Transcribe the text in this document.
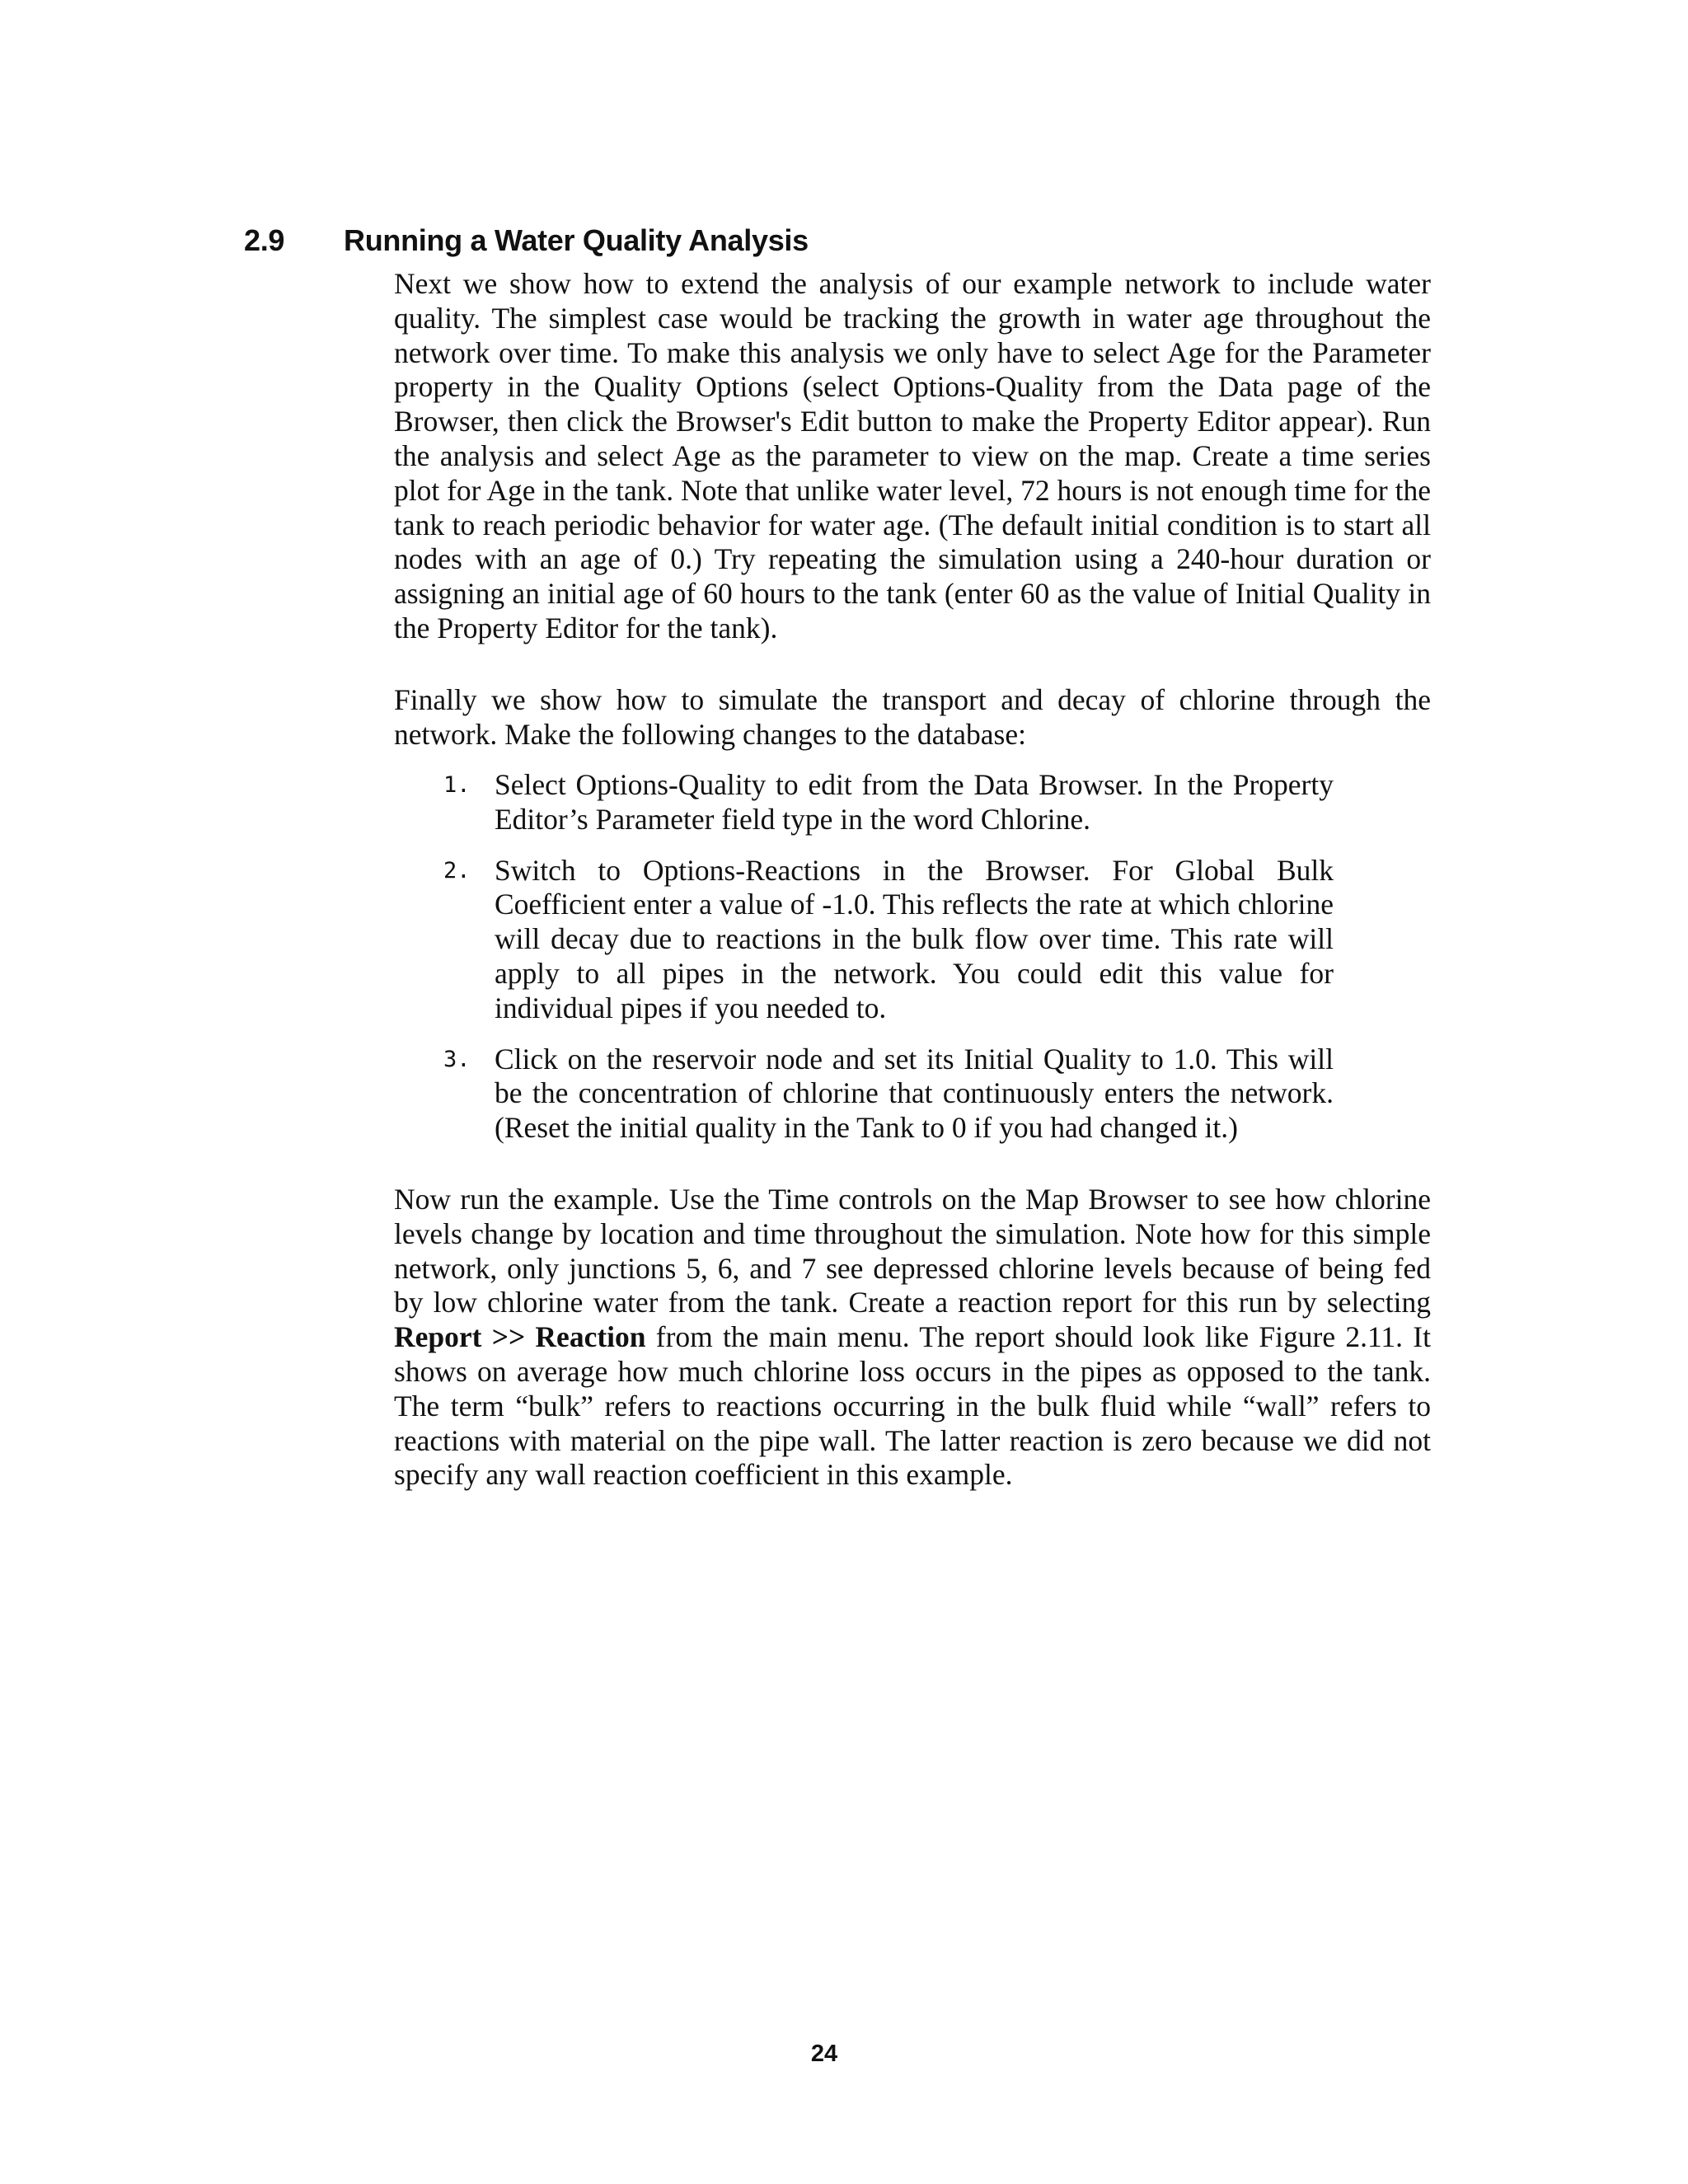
2.9 Running a Water Quality Analysis

Next we show how to extend the analysis of our example network to include water quality. The simplest case would be tracking the growth in water age throughout the network over time. To make this analysis we only have to select Age for the Parameter property in the Quality Options (select Options-Quality from the Data page of the Browser, then click the Browser's Edit button to make the Property Editor appear). Run the analysis and select Age as the parameter to view on the map. Create a time series plot for Age in the tank. Note that unlike water level, 72 hours is not enough time for the tank to reach periodic behavior for water age. (The default initial condition is to start all nodes with an age of 0.) Try repeating the simulation using a 240-hour duration or assigning an initial age of 60 hours to the tank (enter 60 as the value of Initial Quality in the Property Editor for the tank).

Finally we show how to simulate the transport and decay of chlorine through the network. Make the following changes to the database:

1. Select Options-Quality to edit from the Data Browser. In the Property Editor’s Parameter field type in the word Chlorine.
2. Switch to Options-Reactions in the Browser. For Global Bulk Coefficient enter a value of -1.0. This reflects the rate at which chlorine will decay due to reactions in the bulk flow over time. This rate will apply to all pipes in the network. You could edit this value for individual pipes if you needed to.
3. Click on the reservoir node and set its Initial Quality to 1.0. This will be the concentration of chlorine that continuously enters the network. (Reset the initial quality in the Tank to 0 if you had changed it.)

Now run the example. Use the Time controls on the Map Browser to see how chlorine levels change by location and time throughout the simulation. Note how for this simple network, only junctions 5, 6, and 7 see depressed chlorine levels because of being fed by low chlorine water from the tank. Create a reaction report for this run by selecting Report >> Reaction from the main menu. The report should look like Figure 2.11. It shows on average how much chlorine loss occurs in the pipes as opposed to the tank. The term “bulk” refers to reactions occurring in the bulk fluid while “wall” refers to reactions with material on the pipe wall. The latter reaction is zero because we did not specify any wall reaction coefficient in this example.

24
